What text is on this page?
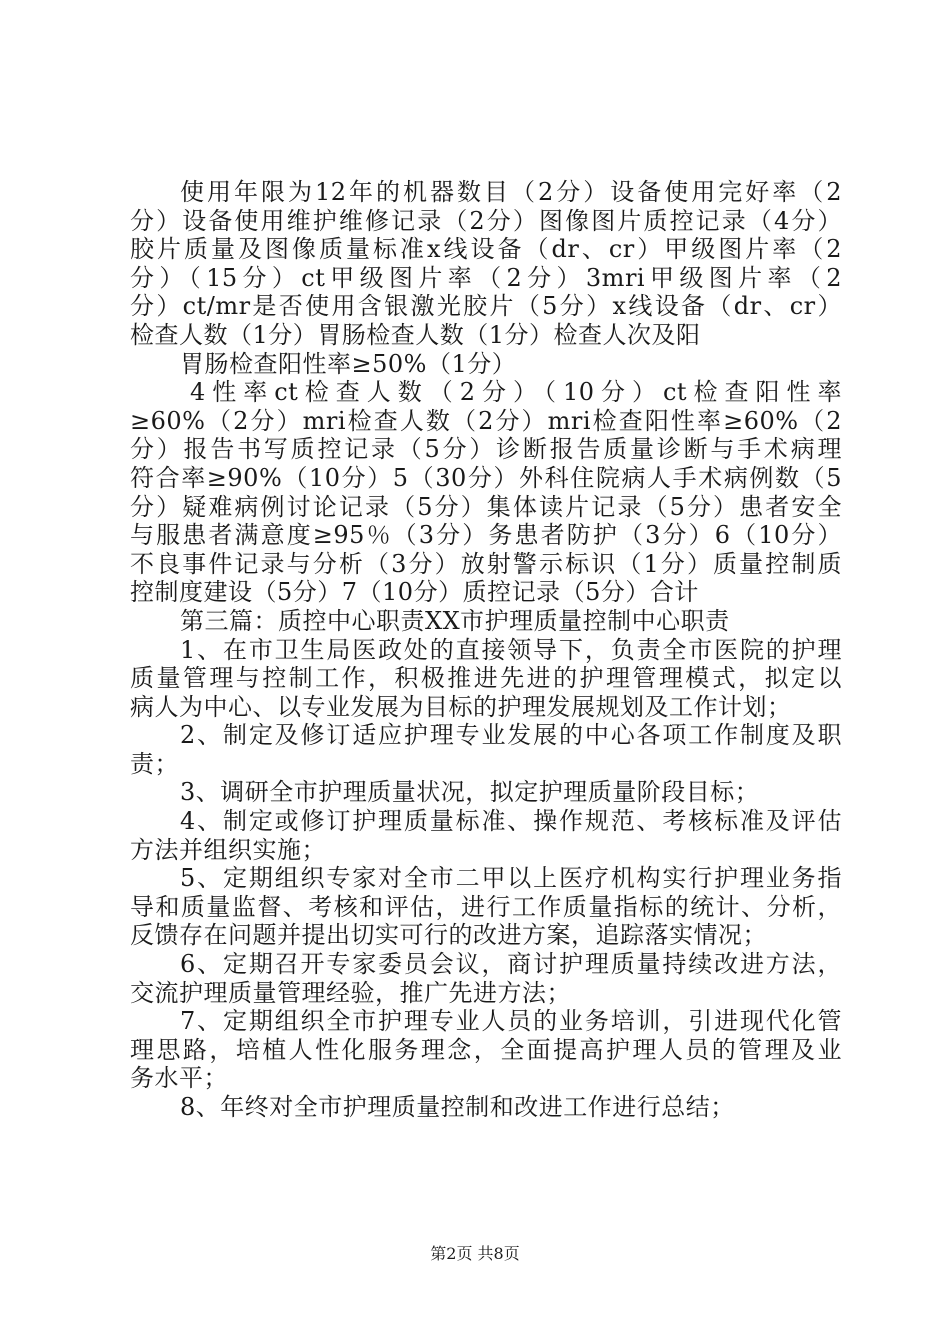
使用年限为12年的机器数目（2分）设备使用完好率（2
分）设备使用维护维修记录（2分）图像图片质控记录（4分）
胶片质量及图像质量标准x线设备（dr、cr）甲级图片率（2
分）（15分）ct甲级图片率（2分）3mri甲级图片率（2
分）ct/mr是否使用含银激光胶片（5分）x线设备（dr、cr）
检查人数（1分）胃肠检查人数（1分）检查人次及阳
胃肠检查阳性率≥50%（1分）
4性率ct检查人数（2分）（10分）ct检查阳性率
≥60%（2分）mri检查人数（2分）mri检查阳性率≥60%（2
分）报告书写质控记录（5分）诊断报告质量诊断与手术病理
符合率≥90%（10分）5（30分）外科住院病人手术病例数（5
分）疑难病例讨论记录（5分）集体读片记录（5分）患者安全
与服患者满意度≥95％（3分）务患者防护（3分）6（10分）
不良事件记录与分析（3分）放射警示标识（1分）质量控制质
控制度建设（5分）7（10分）质控记录（5分）合计
第三篇：质控中心职责XX市护理质量控制中心职责
1、在市卫生局医政处的直接领导下，负责全市医院的护理
质量管理与控制工作，积极推进先进的护理管理模式，拟定以
病人为中心、以专业发展为目标的护理发展规划及工作计划；
2、制定及修订适应护理专业发展的中心各项工作制度及职
责；
3、调研全市护理质量状况，拟定护理质量阶段目标；
4、制定或修订护理质量标准、操作规范、考核标准及评估
方法并组织实施；
5、定期组织专家对全市二甲以上医疗机构实行护理业务指
导和质量监督、考核和评估，进行工作质量指标的统计、分析，
反馈存在问题并提出切实可行的改进方案，追踪落实情况；
6、定期召开专家委员会议，商讨护理质量持续改进方法，
交流护理质量管理经验，推广先进方法；
7、定期组织全市护理专业人员的业务培训，引进现代化管
理思路，培植人性化服务理念，全面提高护理人员的管理及业
务水平；
8、年终对全市护理质量控制和改进工作进行总结；
第2页 共8页
